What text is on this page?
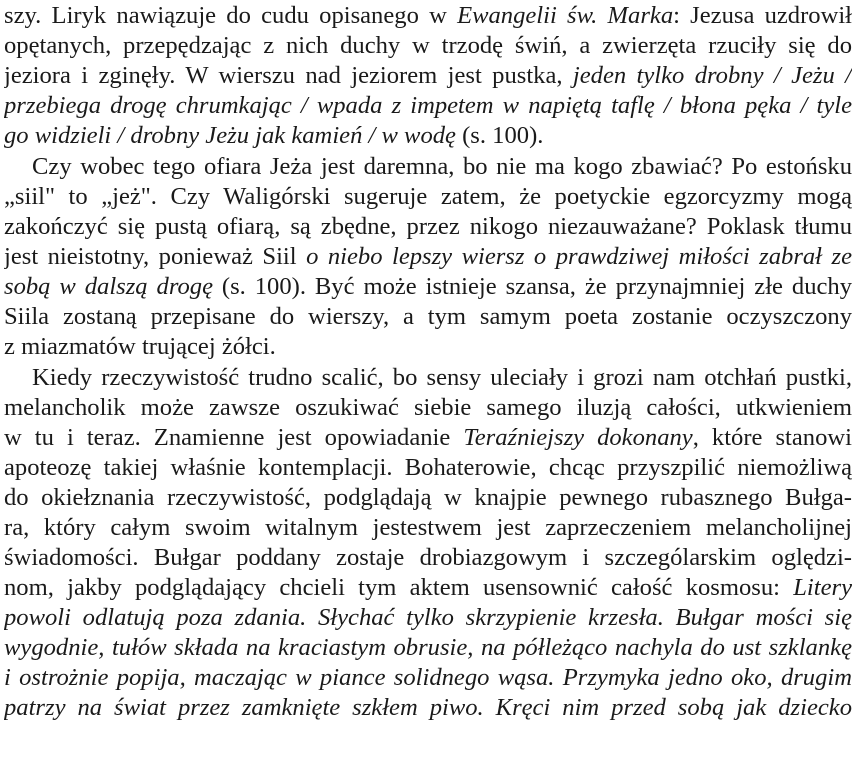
szy. Liryk nawiązuje do cudu opisanego w Ewangelii św. Marka: Jezusa uzdrowił
opętanych, przepędzając z nich duchy w trzodę świń, a zwierzęta rzuciły się do
jeziora i zginęły. W wierszu nad jeziorem jest pustka, jeden tylko drobny / Jeżu /
przebiega drogę chrumkając / wpada z impetem w napiętą taflę / błona pęka / tyle
go widzieli / drobny Jeżu jak kamień / w wodę (s. 100).
Czy wobec tego ofiara Jeża jest daremna, bo nie ma kogo zbawiać? Po estońsku
„siil" to „jeż". Czy Waligórski sugeruje zatem, że poetyckie egzorcyzmy mogą
zakończyć się pustą ofiarą, są zbędne, przez nikogo niezauważane? Poklask tłumu
jest nieistotny, ponieważ Siil o niebo lepszy wiersz o prawdziwej miłości zabrał ze
sobą w dalszą drogę (s. 100). Być może istnieje szansa, że przynajmniej złe duchy
Siila zostaną przepisane do wierszy, a tym samym poeta zostanie oczyszczony
z miazmatów trującej żółci.
Kiedy rzeczywistość trudno scalić, bo sensy uleciały i grozi nam otchłań pustki,
melancholik może zawsze oszukiwać siebie samego iluzją całości, utkwieniem
w tu i teraz. Znamienne jest opowiadanie Teraźniejszy dokonany, które stanowi
apoteozę takiej właśnie kontemplacji. Bohaterowie, chcąc przyszpilić niemożliwą
do okiełznania rzeczywistość, podglądają w knajpie pewnego rubasznego Bułga-
ra, który całym swoim witalnym jestestwem jest zaprzeczeniem melancholijnej
świadomości. Bułgar poddany zostaje drobiazgowym i szczególarskim oględzi-
nom, jakby podglądający chcieli tym aktem usensownić całość kosmosu: Litery
powoli odlatują poza zdania. Słychać tylko skrzypienie krzesła. Bułgar mości się
wygodnie, tułów składa na kraciastym obrusie, na półleżąco nachyla do ust szklankę
i ostrożnie popija, maczając w piance solidnego wąsa. Przymyka jedno oko, drugim
patrzy na świat przez zamknięte szkłem piwo. Kręci nim przed sobą jak dziecko
